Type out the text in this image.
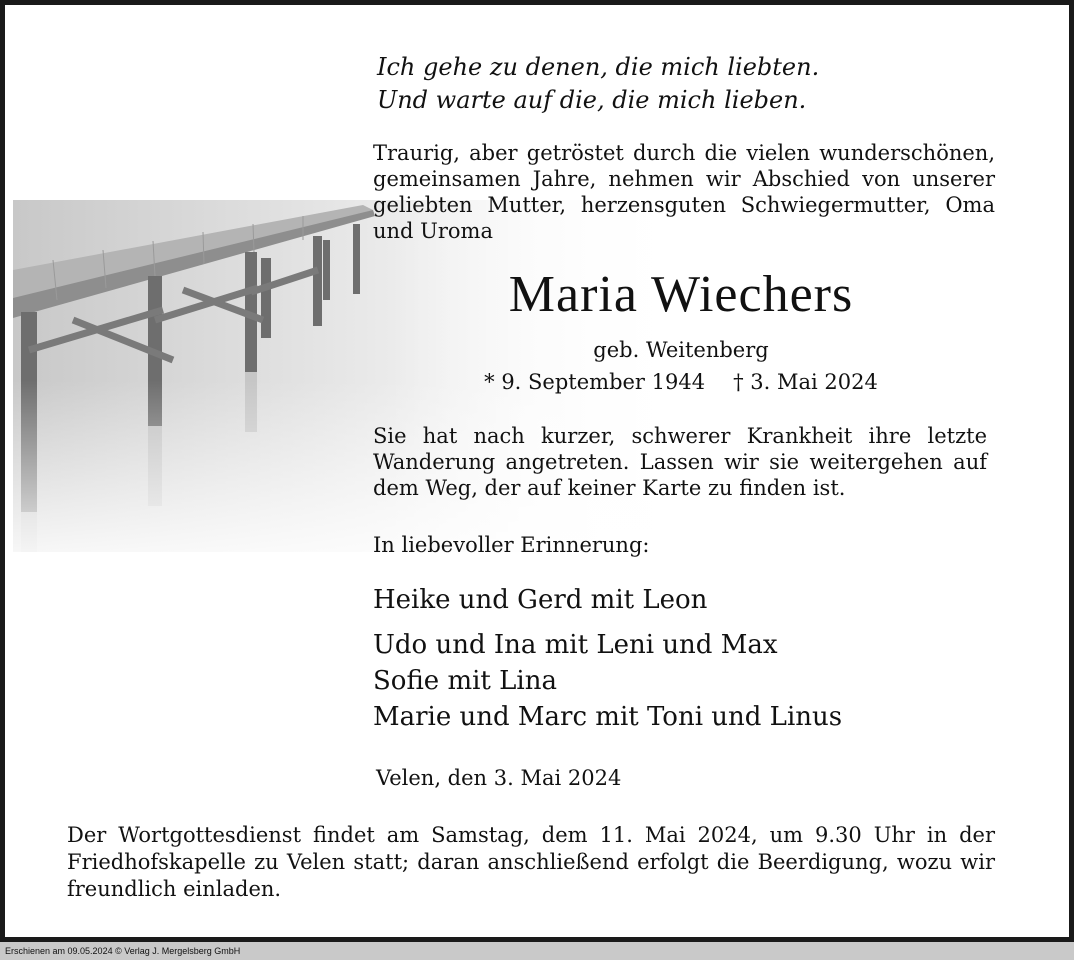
Ich gehe zu denen, die mich liebten.
Und warte auf die, die mich lieben.
Traurig, aber getröstet durch die vielen wunderschönen, gemeinsamen Jahre, nehmen wir Abschied von unserer geliebten Mutter, herzensguten Schwiegermutter, Oma und Uroma
Maria Wiechers
geb. Weitenberg
* 9. September 1944 † 3. Mai 2024
Sie hat nach kurzer, schwerer Krankheit ihre letzte Wanderung angetreten. Lassen wir sie weitergehen auf dem Weg, der auf keiner Karte zu finden ist.
In liebevoller Erinnerung:
Heike und Gerd mit Leon
Udo und Ina mit Leni und Max
Sofie mit Lina
Marie und Marc mit Toni und Linus
Velen, den 3. Mai 2024
Der Wortgottesdienst findet am Samstag, dem 11. Mai 2024, um 9.30 Uhr in der Friedhofskapelle zu Velen statt; daran anschließend erfolgt die Beerdigung, wozu wir freundlich einladen.
Erschienen am 09.05.2024 © Verlag J. Mergelsberg GmbH
